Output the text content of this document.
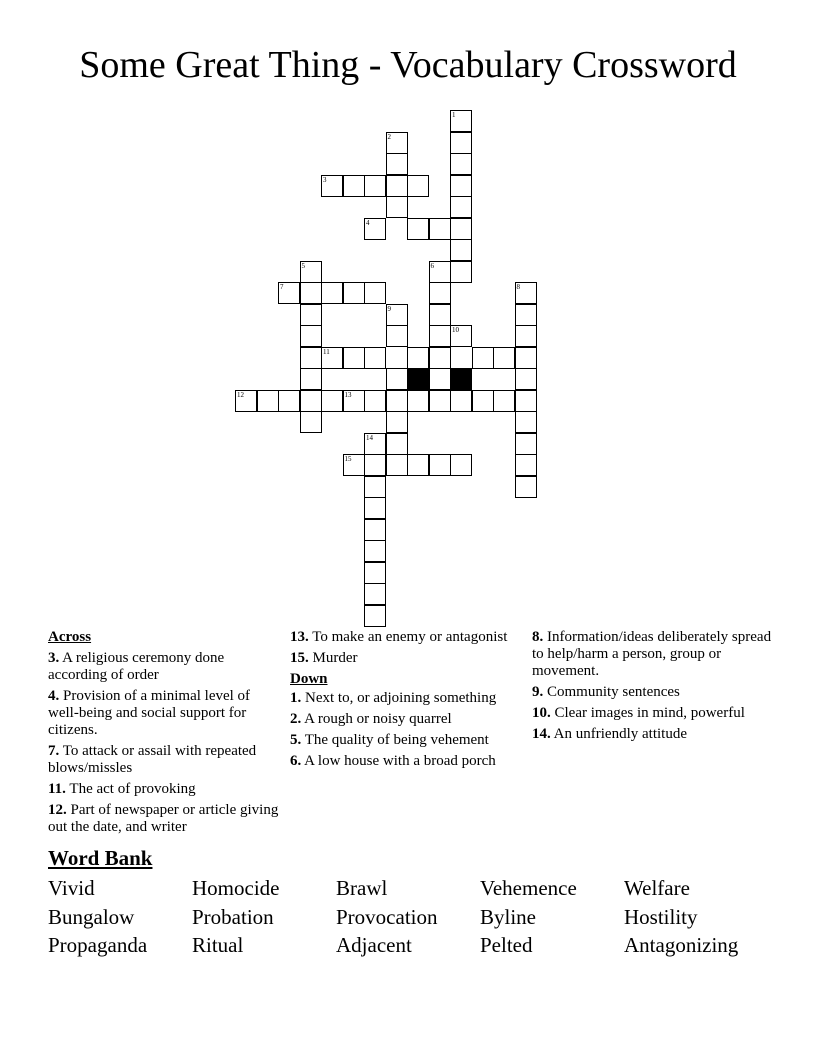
Some Great Thing - Vocabulary Crossword
1
2
3
4
5	6
7	8
9
10
11
12	13
14
15
Across
3. A religious ceremony done according of order
4. Provision of a minimal level of well-being and social support for citizens.
7. To attack or assail with repeated blows/missles
11. The act of provoking
12. Part of newspaper or article giving out the date, and writer
13. To make an enemy or antagonist
15. Murder
Down
1. Next to, or adjoining something
2. A rough or noisy quarrel
5. The quality of being vehement
6. A low house with a broad porch
8. Information/ideas deliberately spread to help/harm a person, group or movement.
9. Community sentences
10. Clear images in mind, powerful
14. An unfriendly attitude
Word Bank
Vivid	Homocide	Brawl	Vehemence	Welfare
Bungalow	Probation	Provocation	Byline	Hostility
Propaganda	Ritual	Adjacent	Pelted	Antagonizing
